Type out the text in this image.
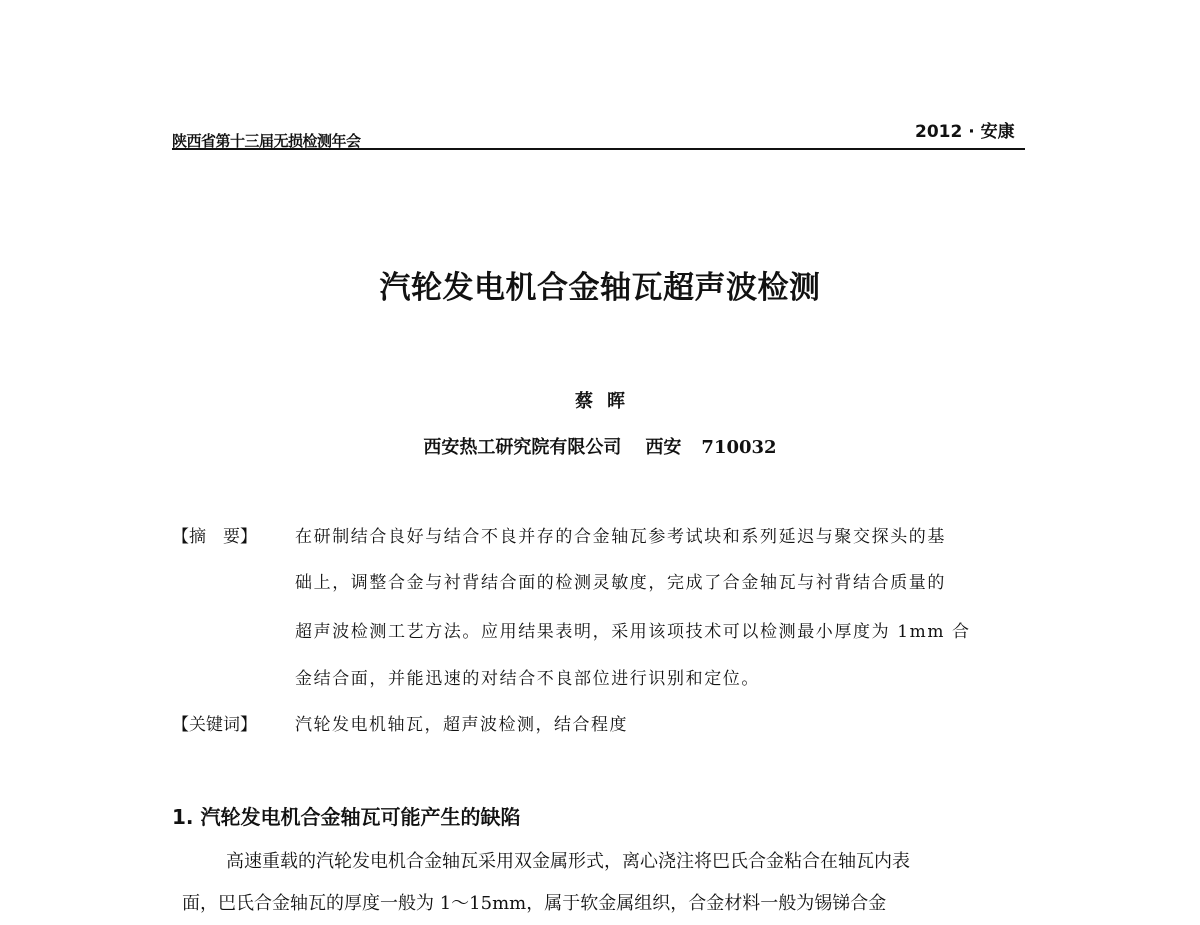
陕西省第十三届无损检测年会	2012 · 安康
汽轮发电机合金轴瓦超声波检测
蔡晖
西安热工研究院有限公司 西安 710032
【摘　要】 在研制结合良好与结合不良并存的合金轴瓦参考试块和系列延迟与聚交探头的基
础上，调整合金与衬背结合面的检测灵敏度，完成了合金轴瓦与衬背结合质量的
超声波检测工艺方法。应用结果表明，采用该项技术可以检测最小厚度为 1mm 合
金结合面，并能迅速的对结合不良部位进行识别和定位。
【关键词】 汽轮发电机轴瓦，超声波检测，结合程度
1. 汽轮发电机合金轴瓦可能产生的缺陷
高速重载的汽轮发电机合金轴瓦采用双金属形式，离心浇注将巴氏合金粘合在轴瓦内表
面，巴氏合金轴瓦的厚度一般为 1～15mm，属于软金属组织，合金材料一般为锡锑合金
